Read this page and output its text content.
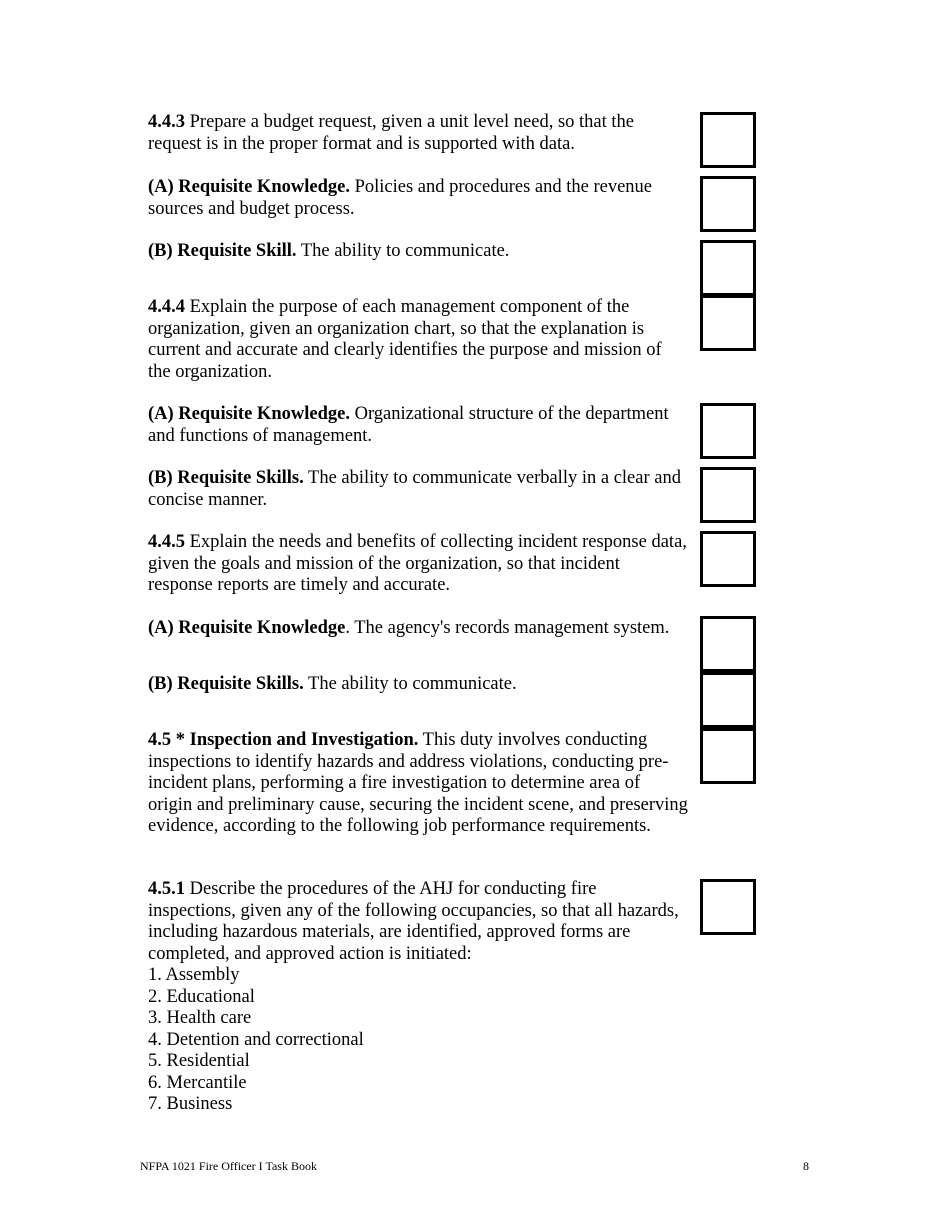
4.4.3 Prepare a budget request, given a unit level need, so that the request is in the proper format and is supported with data.

(A) Requisite Knowledge. Policies and procedures and the revenue sources and budget process.

(B) Requisite Skill. The ability to communicate.

4.4.4 Explain the purpose of each management component of the organization, given an organization chart, so that the explanation is current and accurate and clearly identifies the purpose and mission of the organization.

(A) Requisite Knowledge. Organizational structure of the department and functions of management.

(B) Requisite Skills. The ability to communicate verbally in a clear and concise manner.

4.4.5 Explain the needs and benefits of collecting incident response data, given the goals and mission of the organization, so that incident response reports are timely and accurate.

(A) Requisite Knowledge. The agency's records management system.

(B) Requisite Skills. The ability to communicate.

4.5 * Inspection and Investigation. This duty involves conducting inspections to identify hazards and address violations, conducting pre-incident plans, performing a fire investigation to determine area of origin and preliminary cause, securing the incident scene, and preserving evidence, according to the following job performance requirements.

4.5.1 Describe the procedures of the AHJ for conducting fire inspections, given any of the following occupancies, so that all hazards, including hazardous materials, are identified, approved forms are completed, and approved action is initiated:
1. Assembly
2. Educational
3. Health care
4. Detention and correctional
5. Residential
6. Mercantile
7. Business
NFPA 1021 Fire Officer I Task Book	8
